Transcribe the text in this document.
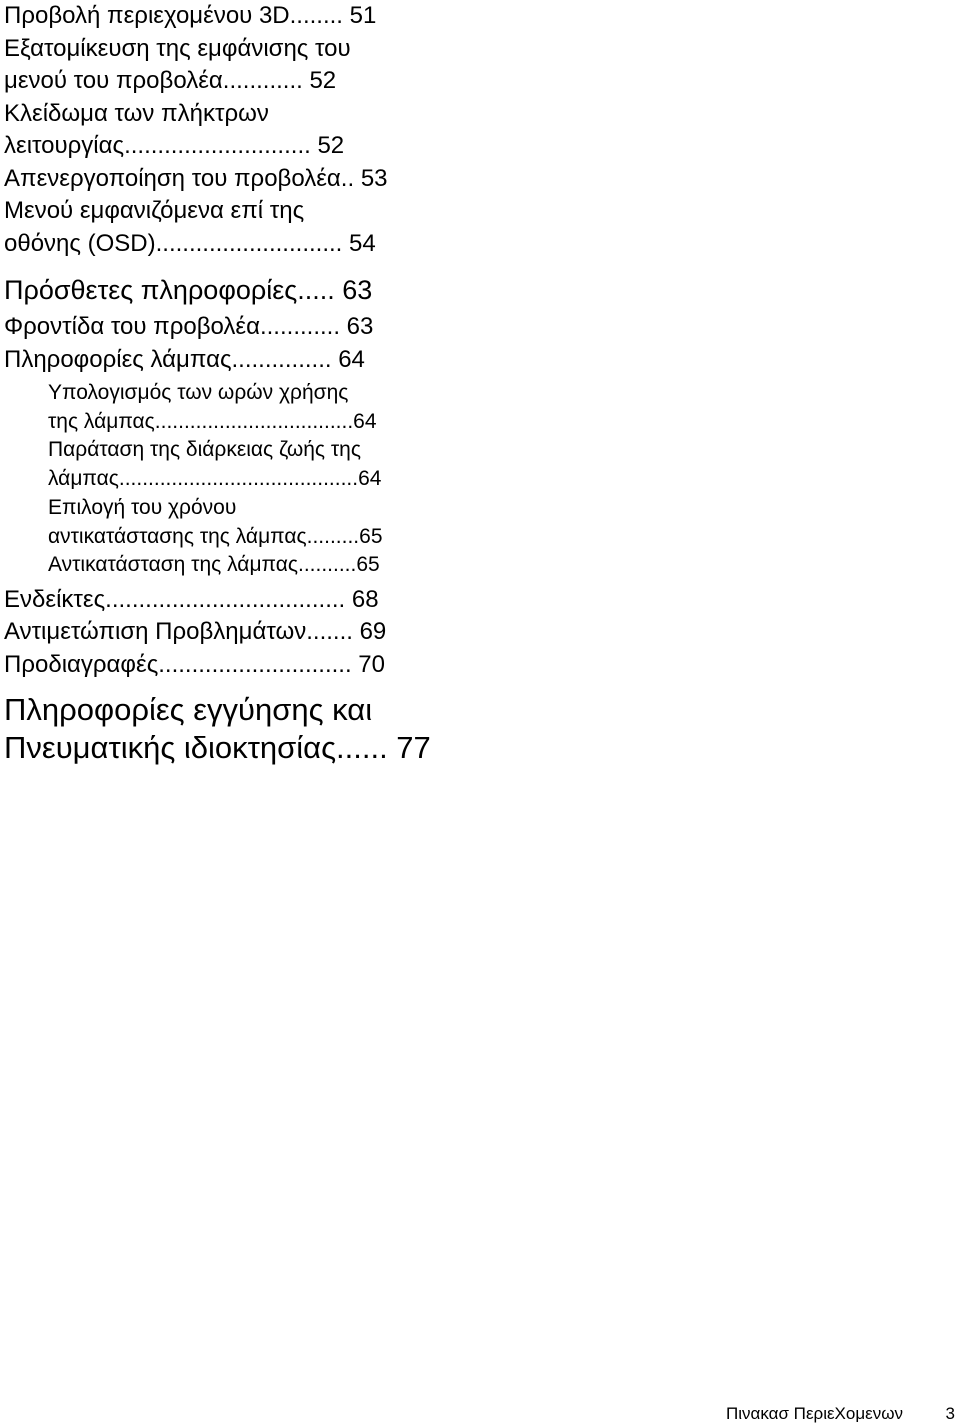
Προβολή περιεχομένου 3D........ 51
Εξατομίκευση της εμφάνισης του
μενού του προβολέα............ 52
Κλείδωμα των πλήκτρων
λειτουργίας............................ 52
Απενεργοποίηση του προβολέα.. 53
Μενού εμφανιζόμενα επί της
οθόνης (OSD)............................ 54
Πρόσθετες πληροφορίες..... 63
Φροντίδα του προβολέα............ 63
Πληροφορίες λάμπας............... 64
Υπολογισμός των ωρών χρήσης
της λάμπας..................................64
Παράταση της διάρκειας ζωής της
λάμπας.........................................64
Επιλογή του χρόνου
αντικατάστασης της λάμπας.........65
Αντικατάσταση της λάμπας..........65
Ενδείκτες.................................... 68
Αντιμετώπιση Προβλημάτων....... 69
Προδιαγραφές............................. 70
Πληροφορίες εγγύησης και
Πνευματικής ιδιοκτησίας...... 77
Πινακασ ΠεριεΧομενων	3
